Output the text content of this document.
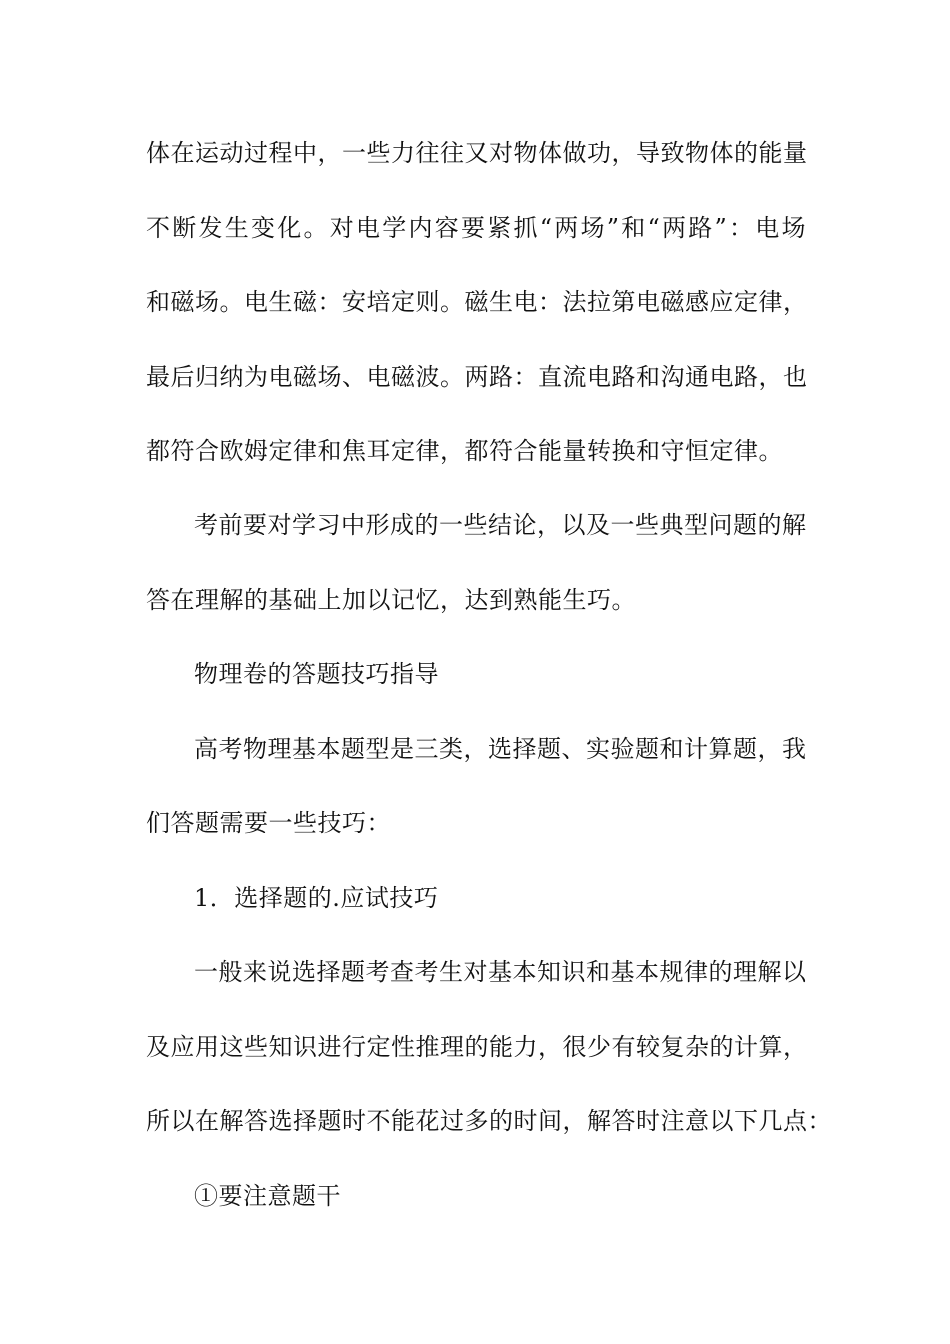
体在运动过程中，一些力往往又对物体做功，导致物体的能量
不断发生变化。对电学内容要紧抓“两场”和“两路”：电场
和磁场。电生磁：安培定则。磁生电：法拉第电磁感应定律，
最后归纳为电磁场、电磁波。两路：直流电路和沟通电路，也
都符合欧姆定律和焦耳定律，都符合能量转换和守恒定律。
考前要对学习中形成的一些结论，以及一些典型问题的解
答在理解的基础上加以记忆，达到熟能生巧。
物理卷的答题技巧指导
高考物理基本题型是三类，选择题、实验题和计算题，我
们答题需要一些技巧：
1．选择题的.应试技巧
一般来说选择题考查考生对基本知识和基本规律的理解以
及应用这些知识进行定性推理的能力，很少有较复杂的计算，
所以在解答选择题时不能花过多的时间，解答时注意以下几点：
①要注意题干
